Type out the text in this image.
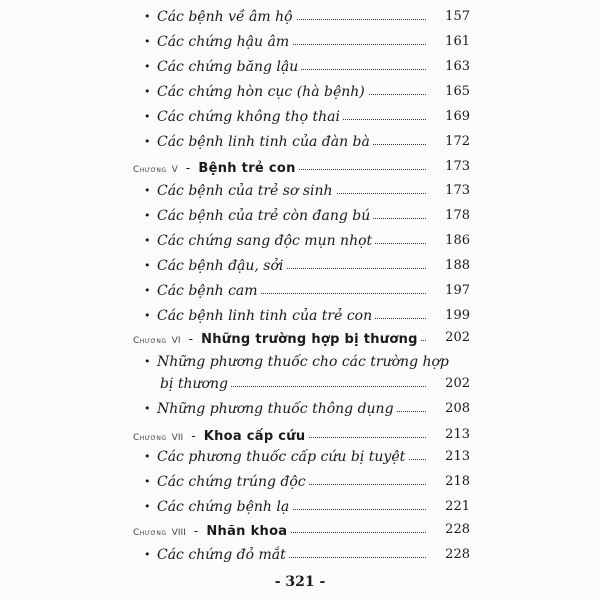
• Các bệnh về âm hộ	157
• Các chứng hậu âm	161
• Các chứng băng lậu	163
• Các chứng hòn cục (hà bệnh)	165
• Các chứng không thọ thai	169
• Các bệnh linh tinh của đàn bà	172
Chương V - Bệnh trẻ con	173
• Các bệnh của trẻ sơ sinh	173
• Các bệnh của trẻ còn đang bú	178
• Các chứng sang độc mụn nhọt	186
• Các bệnh đậu, sởi	188
• Các bệnh cam	197
• Các bệnh linh tinh của trẻ con	199
Chương VI - Những trường hợp bị thương	202
• Những phương thuốc cho các trường hợp
bị thương	202
• Những phương thuốc thông dụng	208
Chương VII - Khoa cấp cứu	213
• Các phương thuốc cấp cứu bị tuyệt	213
• Các chứng trúng độc	218
• Các chứng bệnh lạ	221
Chương VIII - Nhãn khoa	228
• Các chứng đỏ mắt	228
- 321 -
